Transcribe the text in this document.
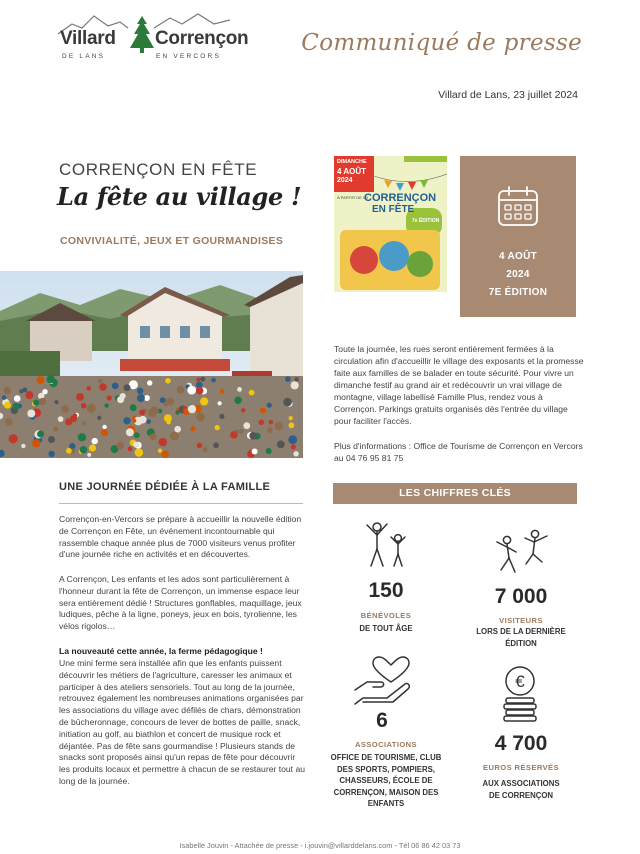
Villard Corrençon
DE LANS	EN VERCORS
Communiqué de presse
Villard de Lans, 23 juillet 2024
CORRENÇON EN FÊTE
La fête au village !
CONVIVIALITÉ, JEUX ET GOURMANDISES
DIMANCHE
4 AOÛT
2024
À PARTIR DE 9H
CORRENÇON
EN FÊTE
7e ÉDITION
4 AOÛT
2024
7E ÉDITION
Toute la journée, les rues seront entièrement fermées à la circulation afin d'accueillir le village des exposants et la promesse faite aux familles de se balader en toute sécurité. Pour vivre un dimanche festif au grand air et redécouvrir un vrai village de montagne, village labellisé Famille Plus, rendez vous à Corrençon. Parkings gratuits organisés dès l'entrée du village pour faciliter l'accès.
Plus d'informations : Office de Tourisme de Corrençon en Vercors au 04 76 95 81 75
UNE JOURNÉE DÉDIÉE À LA FAMILLE

Corrençon-en-Vercors se prépare à accueillir la nouvelle édition de Corrençon en Fête, un événement incontournable qui rassemble chaque année plus de 7000 visiteurs venus profiter d'une journée riche en activités et en découvertes.

A Corrençon, Les enfants et les ados sont particulièrement à l'honneur durant la fête de Corrençon, un immense espace leur sera entièrement dédié ! Structures gonflables, maquillage, jeux ludiques, pêche à la ligne, poneys, jeux en bois, tyrolienne, les vélos rigolos…

La nouveauté cette année, la ferme pédagogique !

Une mini ferme sera installée afin que les enfants puissent découvrir les métiers de l'agriculture, caresser les animaux et participer à des ateliers sensoriels. Tout au long de la journée, retrouvez également les nombreuses animations organisées par les associations du village avec défilés de chars, démonstration de bûcheronnage, concours de lever de bottes de paille, snack, initiation au golf, au biathlon et concert de musique rock et déjantée. Pas de fête sans gourmandise ! Plusieurs stands de snacks sont proposés ainsi qu'un repas de fête pour découvrir les produits locaux et permettre à chacun de se restaurer tout au long de la journée.

LES CHIFFRES CLÉS
150
BÉNÉVOLES
DE TOUT ÂGE
7 000
VISITEURS
LORS DE LA DERNIÈRE ÉDITION
6
ASSOCIATIONS
OFFICE DE TOURISME, CLUB DES SPORTS, POMPIERS, CHASSEURS, ÉCOLE DE CORRENÇON, MAISON DES ENFANTS
€
4 700
EUROS RÉSERVÉS
AUX ASSOCIATIONS DE CORRENÇON
Isabelle Jouvin - Attachée de presse - i.jouvin@villarddelans.com - Tél 06 86 42 03 73
